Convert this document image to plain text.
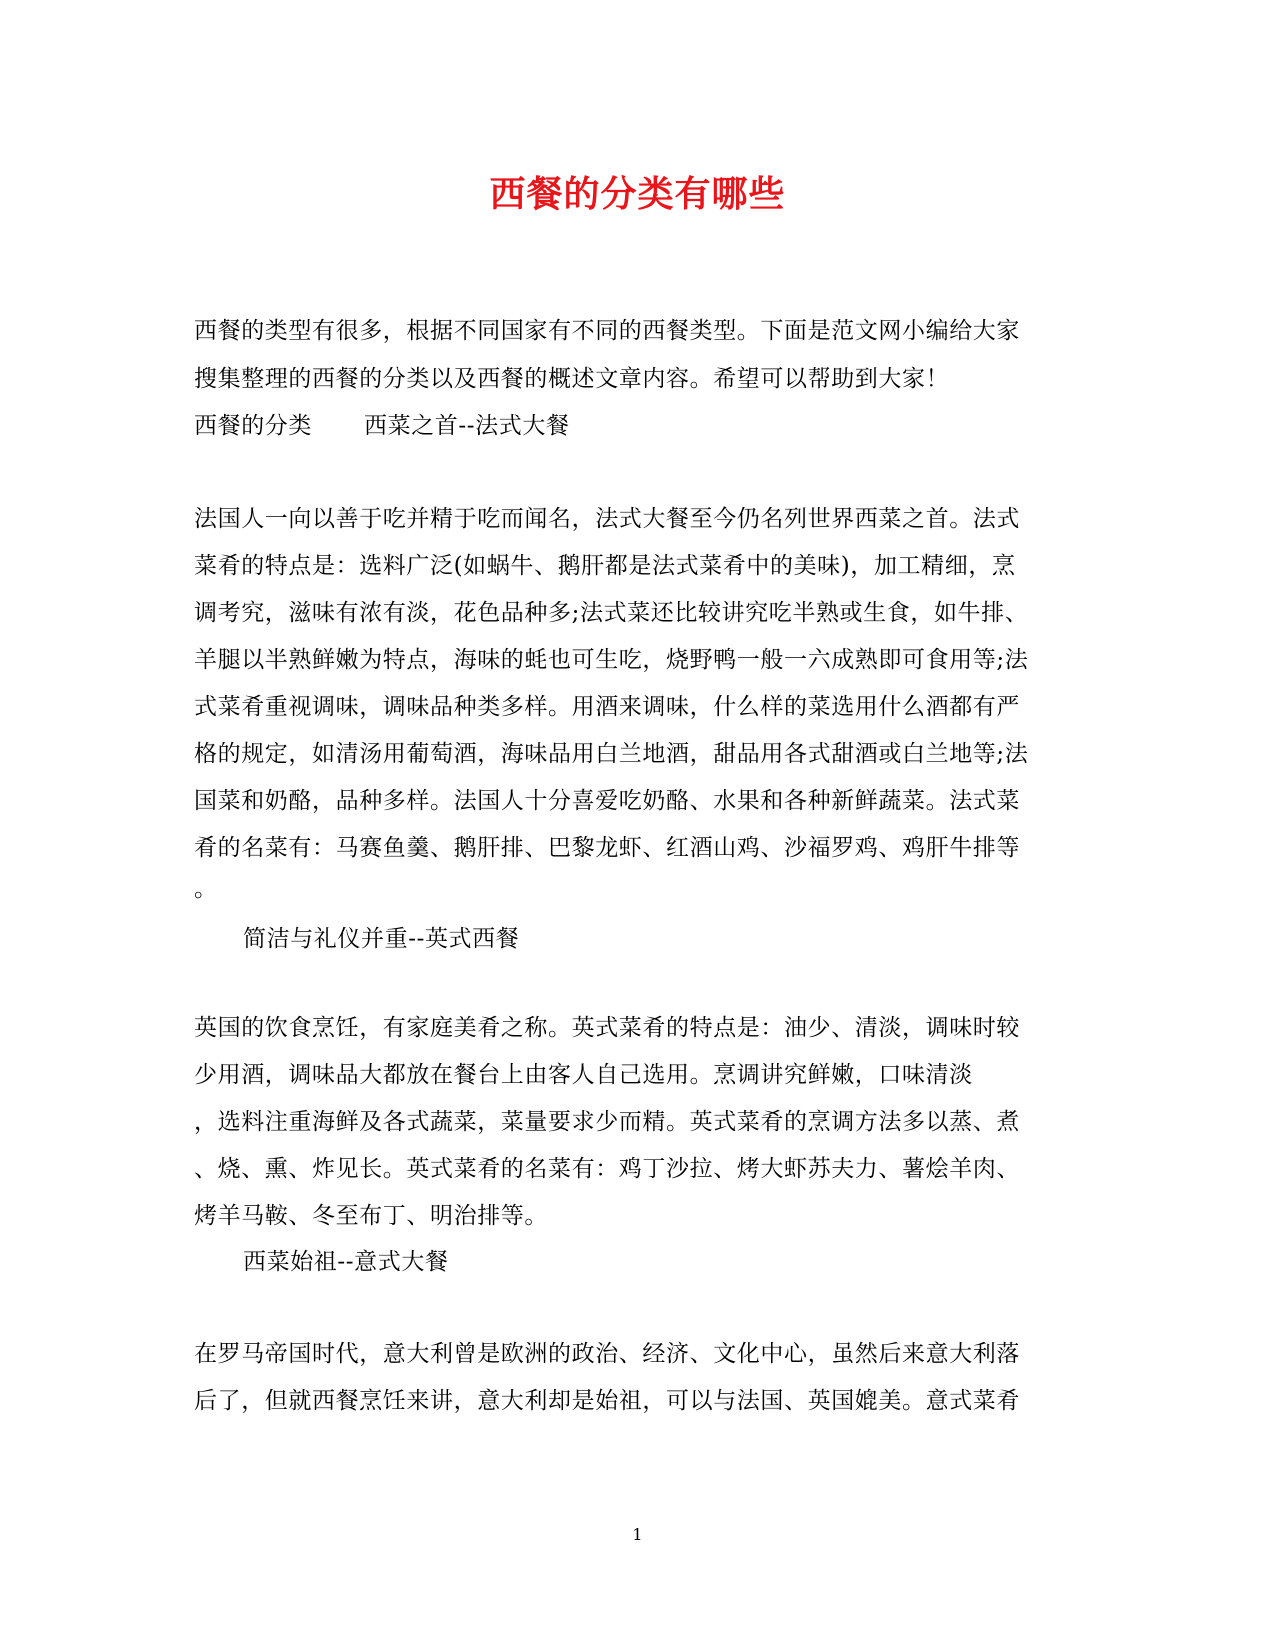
西餐的分类有哪些
西餐的类型有很多，根据不同国家有不同的西餐类型。下面是范文网小编给大家
搜集整理的西餐的分类以及西餐的概述文章内容。希望可以帮助到大家！
西餐的分类 西菜之首--法式大餐
法国人一向以善于吃并精于吃而闻名，法式大餐至今仍名列世界西菜之首。法式
菜肴的特点是：选料广泛(如蜗牛、鹅肝都是法式菜肴中的美味)，加工精细，烹
调考究，滋味有浓有淡，花色品种多;法式菜还比较讲究吃半熟或生食，如牛排、
羊腿以半熟鲜嫩为特点，海味的蚝也可生吃，烧野鸭一般一六成熟即可食用等;法
式菜肴重视调味，调味品种类多样。用酒来调味，什么样的菜选用什么酒都有严
格的规定，如清汤用葡萄酒，海味品用白兰地酒，甜品用各式甜酒或白兰地等;法
国菜和奶酪，品种多样。法国人十分喜爱吃奶酪、水果和各种新鲜蔬菜。法式菜
肴的名菜有：马赛鱼羹、鹅肝排、巴黎龙虾、红酒山鸡、沙福罗鸡、鸡肝牛排等
。
简洁与礼仪并重--英式西餐
英国的饮食烹饪，有家庭美肴之称。英式菜肴的特点是：油少、清淡，调味时较
少用酒，调味品大都放在餐台上由客人自己选用。烹调讲究鲜嫩，口味清淡
，选料注重海鲜及各式蔬菜，菜量要求少而精。英式菜肴的烹调方法多以蒸、煮
、烧、熏、炸见长。英式菜肴的名菜有：鸡丁沙拉、烤大虾苏夫力、薯烩羊肉、
烤羊马鞍、冬至布丁、明治排等。
西菜始祖--意式大餐
在罗马帝国时代，意大利曾是欧洲的政治、经济、文化中心，虽然后来意大利落
后了，但就西餐烹饪来讲，意大利却是始祖，可以与法国、英国媲美。意式菜肴
1
